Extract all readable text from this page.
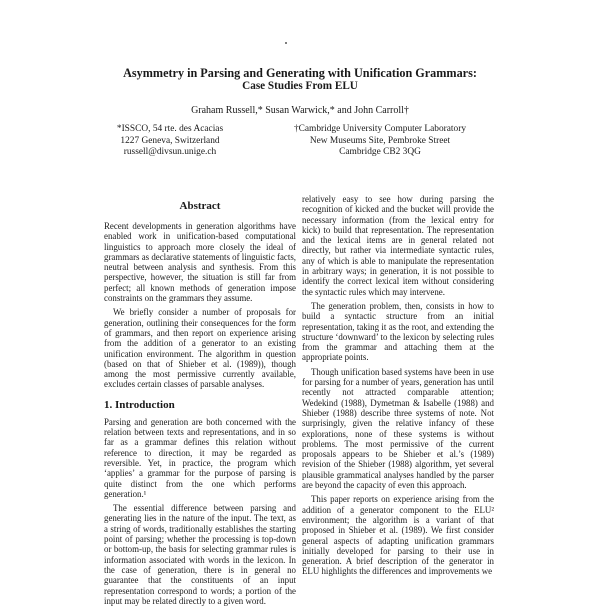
Asymmetry in Parsing and Generating with Unification Grammars:
Case Studies From ELU
Graham Russell,* Susan Warwick,* and John Carroll†
*ISSCO, 54 rte. des Acacias
1227 Geneva, Switzerland
russell@divsun.unige.ch
†Cambridge University Computer Laboratory
New Museums Site, Pembroke Street
Cambridge CB2 3QG
Abstract

Recent developments in generation algorithms have enabled work in unification-based computational linguistics to approach more closely the ideal of grammars as declarative statements of linguistic facts, neutral between analysis and synthesis. From this perspective, however, the situation is still far from perfect; all known methods of generation impose constraints on the grammars they assume.

We briefly consider a number of proposals for generation, outlining their consequences for the form of grammars, and then report on experience arising from the addition of a generator to an existing unification environment. The algorithm in question (based on that of Shieber et al. (1989)), though among the most permissive currently available, excludes certain classes of parsable analyses.

1. Introduction

Parsing and generation are both concerned with the relation between texts and representations, and in so far as a grammar defines this relation without reference to direction, it may be regarded as reversible. Yet, in practice, the program which ‘applies’ a grammar for the purpose of parsing is quite distinct from the one which performs generation.¹

The essential difference between parsing and generating lies in the nature of the input. The text, as a string of words, traditionally establishes the starting point of parsing; whether the processing is top-down or bottom-up, the basis for selecting grammar rules is information associated with words in the lexicon. In the case of generation, there is in general no guarantee that the constituents of an input representation correspond to words; a portion of the input may be related directly to a given word.

relatively easy to see how during parsing the recognition of kicked and the bucket will provide the necessary information (from the lexical entry for kick) to build that representation. The representation and the lexical items are in general related not directly, but rather via intermediate syntactic rules, any of which is able to manipulate the representation in arbitrary ways; in generation, it is not possible to identify the correct lexical item without considering the syntactic rules which may intervene.

The generation problem, then, consists in how to build a syntactic structure from an initial representation, taking it as the root, and extending the structure ‘downward’ to the lexicon by selecting rules from the grammar and attaching them at the appropriate points.

Though unification based systems have been in use for parsing for a number of years, generation has until recently not attracted comparable attention; Wedekind (1988), Dymetman & Isabelle (1988) and Shieber (1988) describe three systems of note. Not surprisingly, given the relative infancy of these explorations, none of these systems is without problems. The most permissive of the current proposals appears to be Shieber et al.’s (1989) revision of the Shieber (1988) algorithm, yet several plausible grammatical analyses handled by the parser are beyond the capacity of even this approach.

This paper reports on experience arising from the addition of a generator component to the ELU² environment; the algorithm is a variant of that proposed in Shieber et al. (1989). We first consider general aspects of adapting unification grammars initially developed for parsing to their use in generation. A brief description of the generator in ELU highlights the differences and improvements we
